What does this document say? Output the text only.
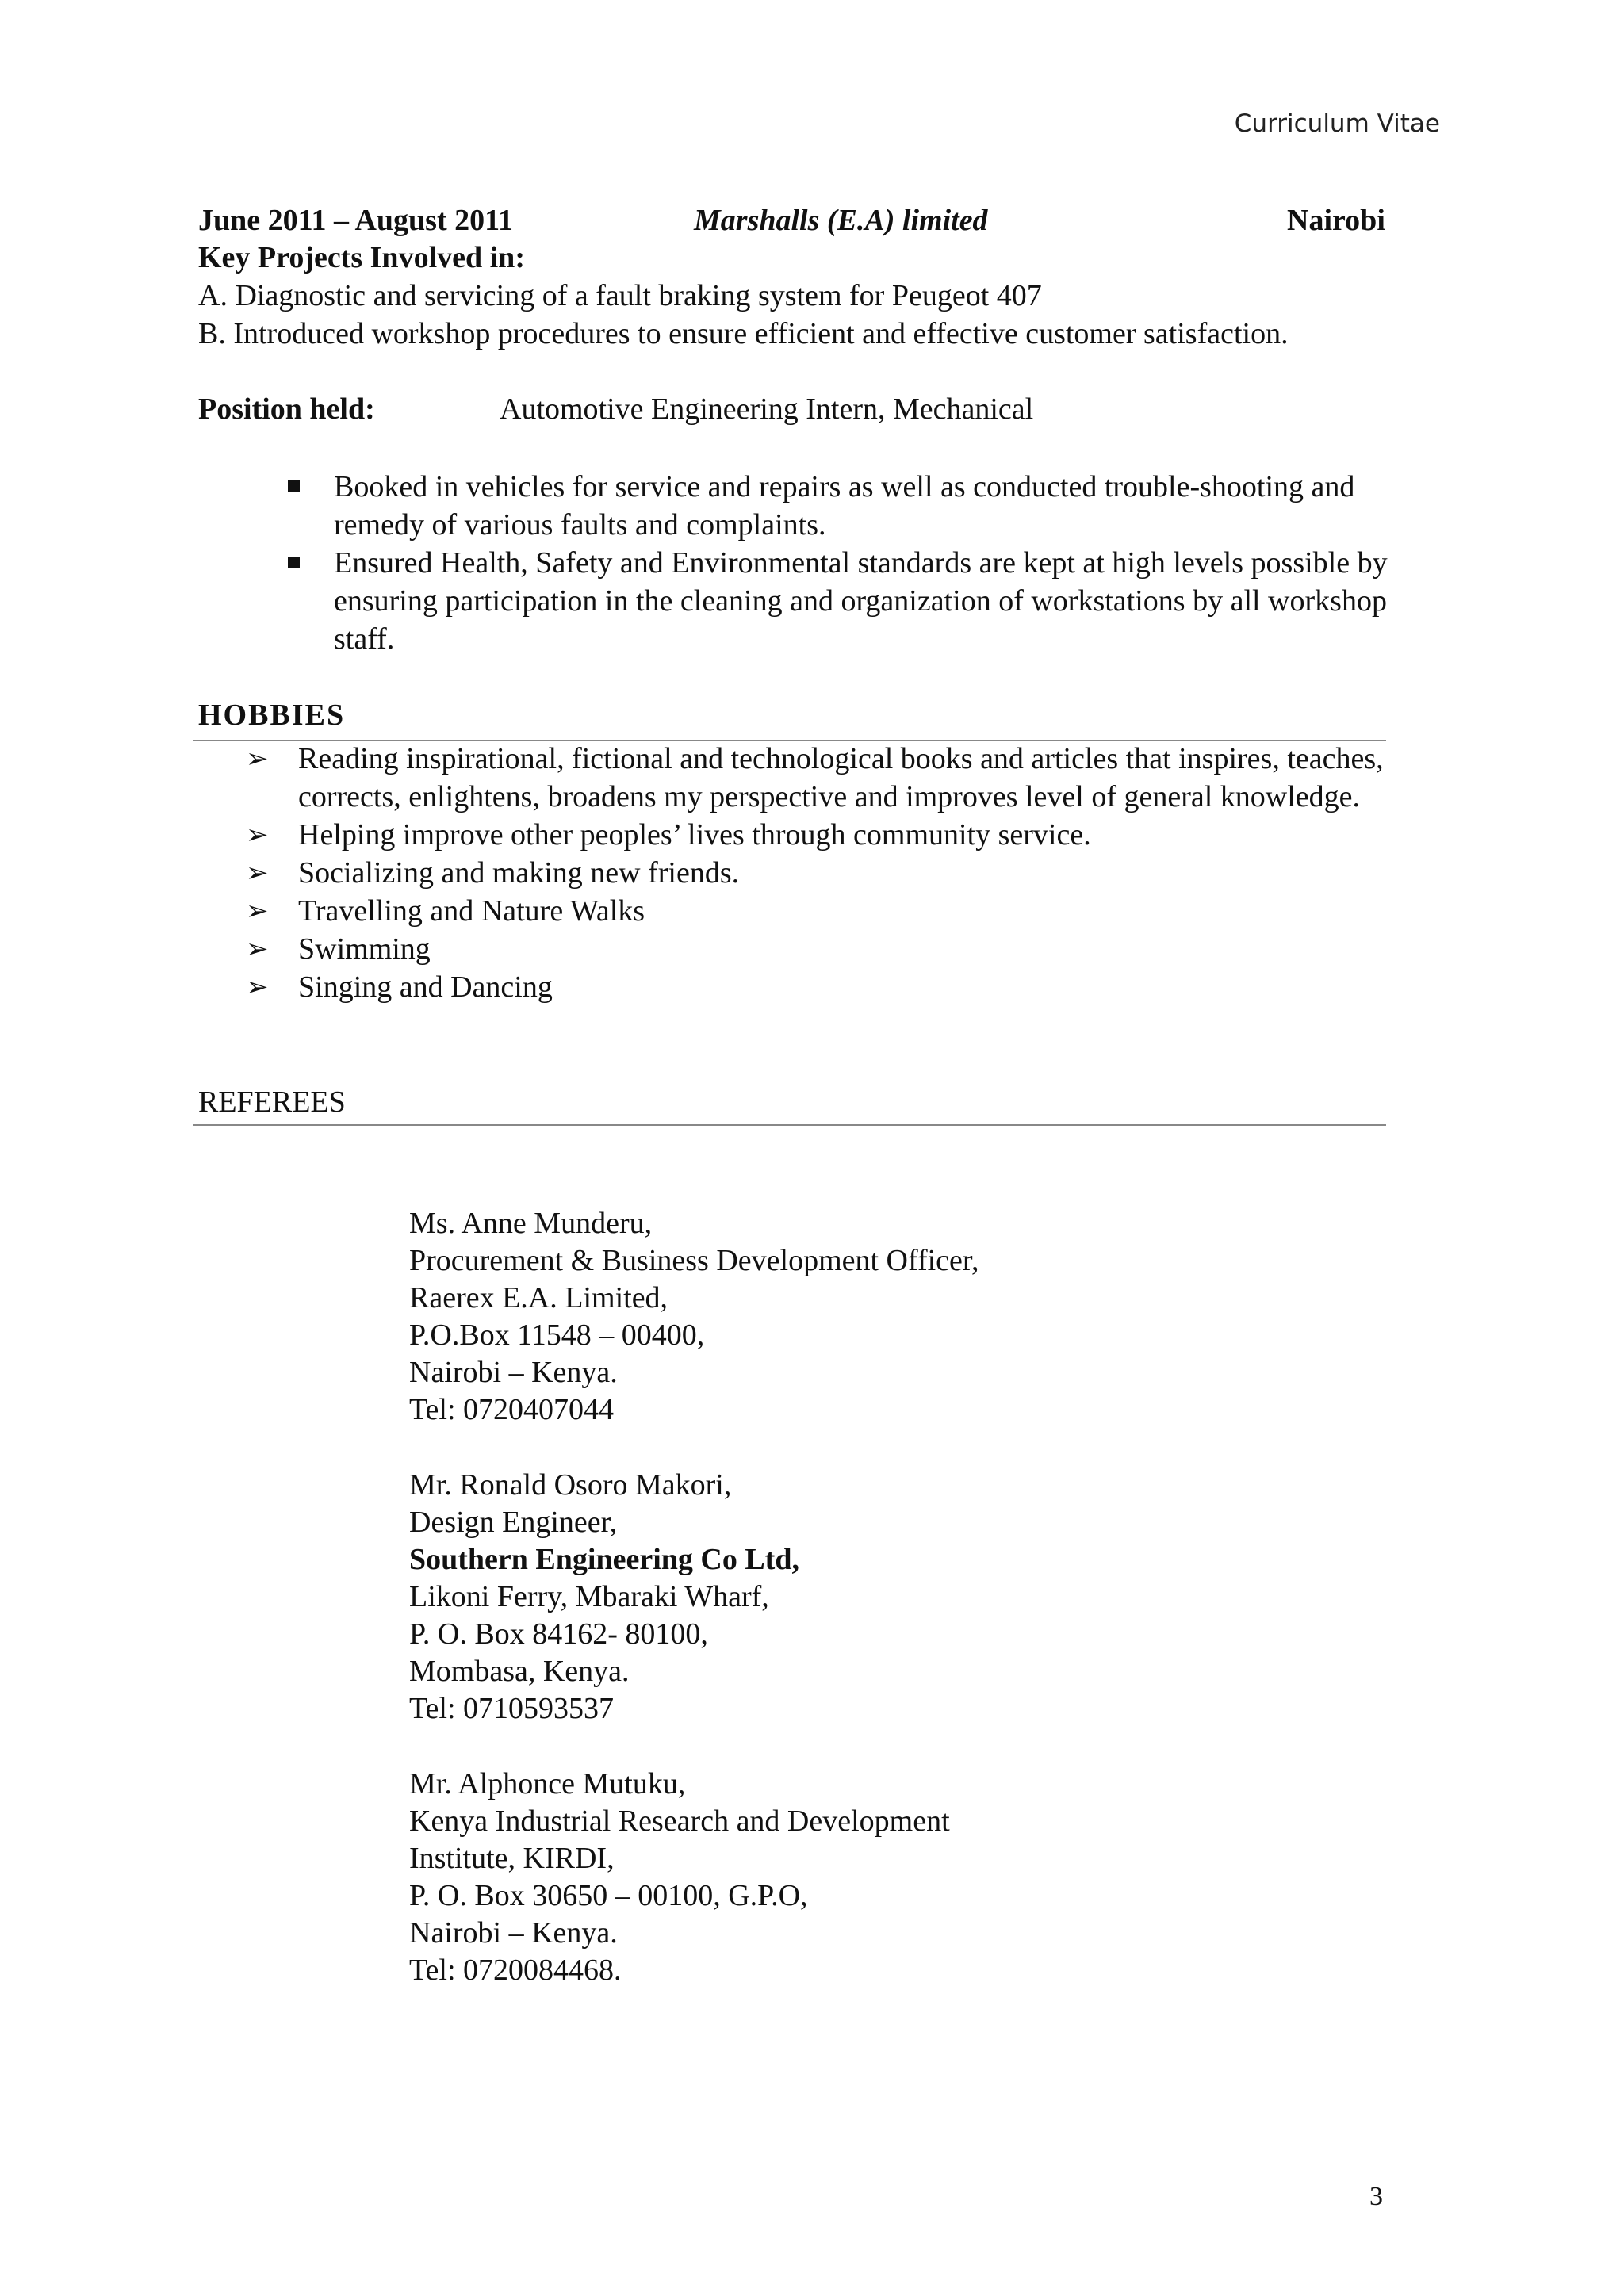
Curriculum Vitae
June 2011 – August 2011	Marshalls (E.A) limited	Nairobi
Key Projects Involved in:
A. Diagnostic and servicing of a fault braking system for Peugeot 407
B. Introduced workshop procedures to ensure efficient and effective customer satisfaction.
Position held:	Automotive Engineering Intern, Mechanical
Booked in vehicles for service and repairs as well as conducted trouble-shooting and remedy of various faults and complaints.
Ensured Health, Safety and Environmental standards are kept at high levels possible by ensuring participation in the cleaning and organization of workstations by all workshop staff.
HOBBIES
➢ Reading inspirational, fictional and technological books and articles that inspires, teaches, corrects, enlightens, broadens my perspective and improves level of general knowledge.
➢ Helping improve other peoples’ lives through community service.
➢ Socializing and making new friends.
➢ Travelling and Nature Walks
➢ Swimming
➢ Singing and Dancing
REFEREES
Ms. Anne Munderu,
Procurement & Business Development Officer,
Raerex E.A. Limited,
P.O.Box 11548 – 00400,
Nairobi – Kenya.
Tel: 0720407044
Mr. Ronald Osoro Makori,
Design Engineer,
Southern Engineering Co Ltd,
Likoni Ferry, Mbaraki Wharf,
P. O. Box 84162- 80100,
Mombasa, Kenya.
Tel: 0710593537
Mr. Alphonce Mutuku,
Kenya Industrial Research and Development
Institute, KIRDI,
P. O. Box 30650 – 00100, G.P.O,
Nairobi – Kenya.
Tel: 0720084468.
3
